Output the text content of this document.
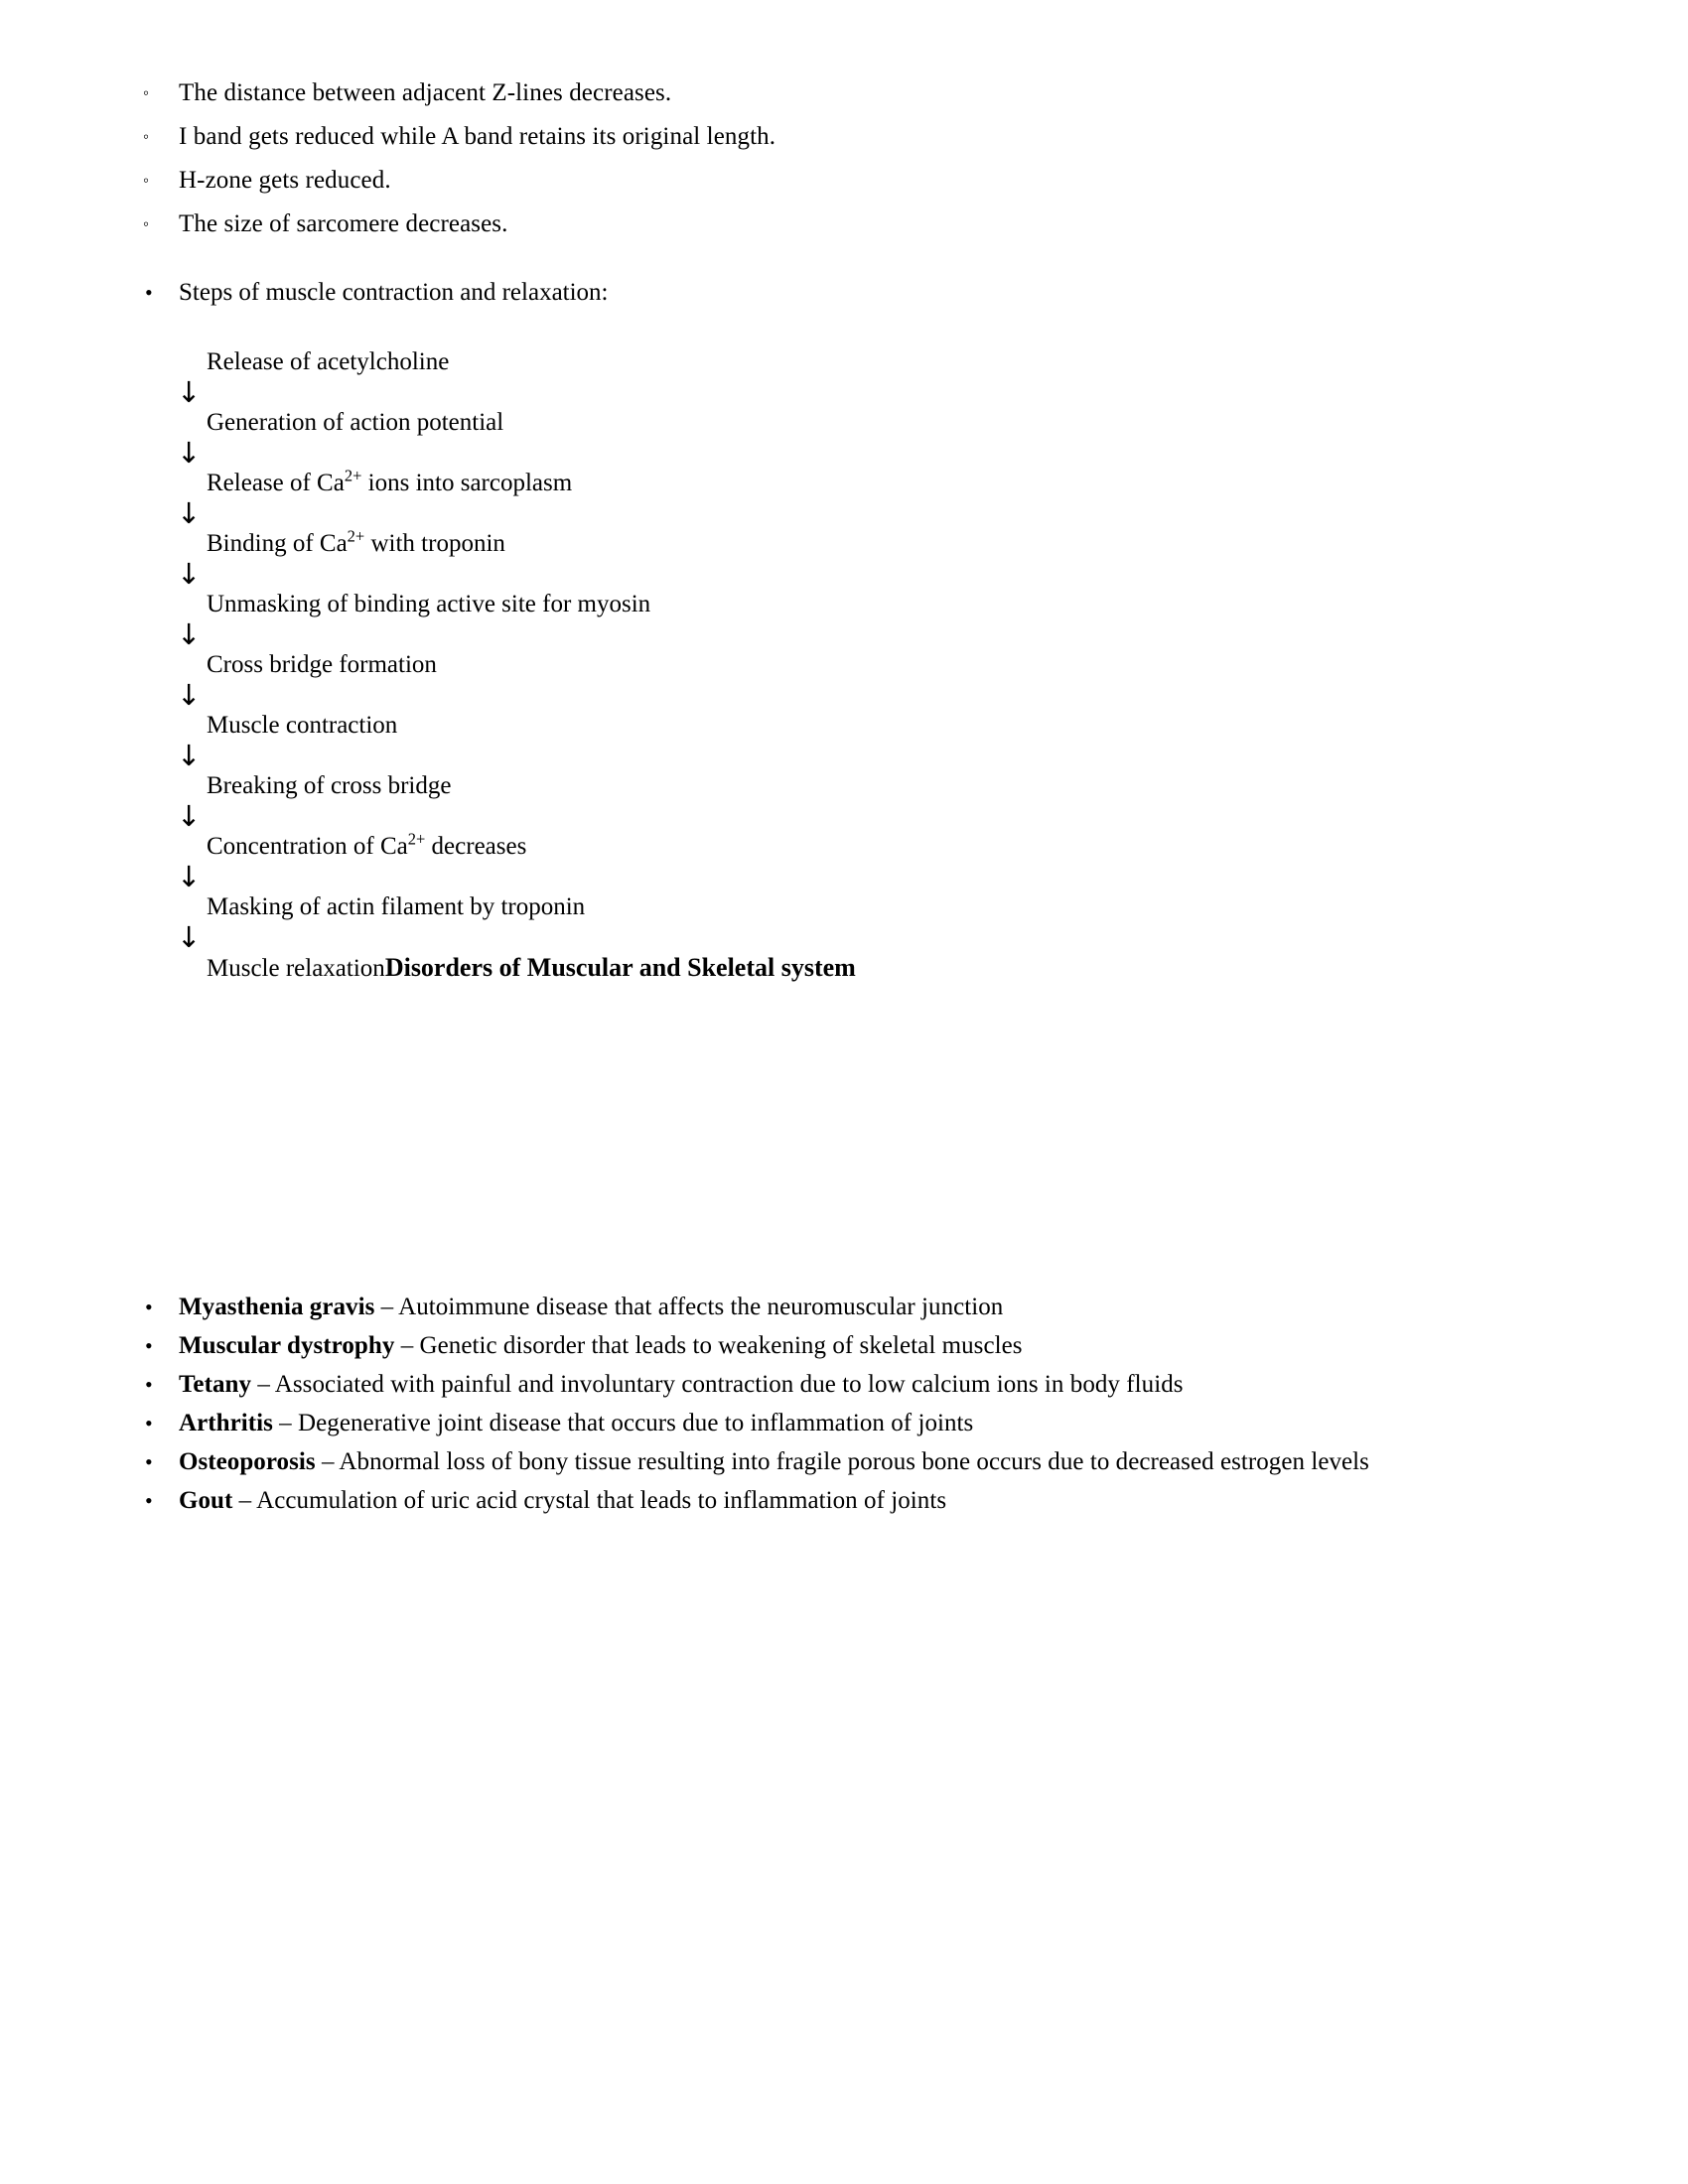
◦ The distance between adjacent Z-lines decreases.
◦ I band gets reduced while A band retains its original length.
◦ H-zone gets reduced.
◦ The size of sarcomere decreases.
• Steps of muscle contraction and relaxation:
Release of acetylcholine
↓
Generation of action potential
↓
Release of $Ca^{2+}$ ions into sarcoplasm
↓
Binding of $Ca^{2+}$ with troponin
↓
Unmasking of binding active site for myosin
↓
Cross bridge formation
↓
Muscle contraction
↓
Breaking of cross bridge
↓
Concentration of $Ca^{2+}$ decreases
↓
Masking of actin filament by troponin
↓
Muscle relaxationDisorders of Muscular and Skeletal system
• Myasthenia gravis – Autoimmune disease that affects the neuromuscular junction
• Muscular dystrophy – Genetic disorder that leads to weakening of skeletal muscles
• Tetany – Associated with painful and involuntary contraction due to low calcium ions in body fluids
• Arthritis – Degenerative joint disease that occurs due to inflammation of joints
• Osteoporosis – Abnormal loss of bony tissue resulting into fragile porous bone occurs due to decreased estrogen levels
• Gout – Accumulation of uric acid crystal that leads to inflammation of joints
